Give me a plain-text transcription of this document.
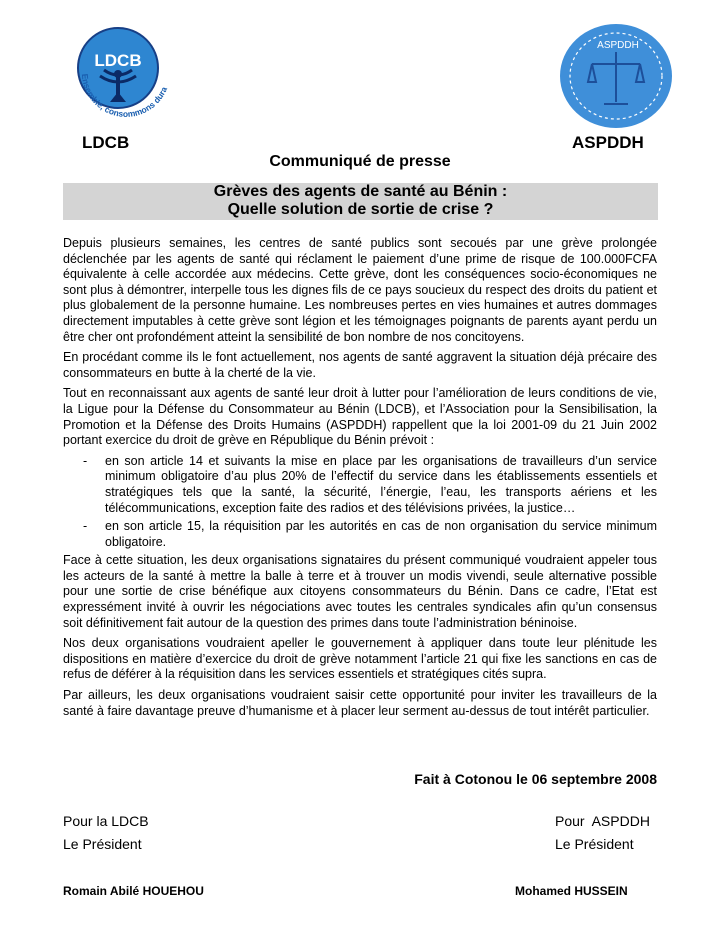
LDCB
Ensemble, consommons dura
ASPDDH
LDCB	ASPDDH
Communiqué de presse
Grèves des agents de santé au Bénin :
Quelle solution de sortie de crise ?

Depuis plusieurs semaines, les centres de santé publics sont secoués par une grève prolongée déclenchée par les agents de santé qui réclament le paiement d’une prime de risque de 100.000FCFA équivalente à celle accordée aux médecins. Cette grève, dont les conséquences socio-économiques ne sont plus à démontrer, interpelle tous les dignes fils de ce pays soucieux du respect des droits du patient et plus globalement de la personne humaine. Les nombreuses pertes en vies humaines et autres dommages directement imputables à cette grève sont légion et les témoignages poignants de parents ayant perdu un être cher ont profondément atteint la sensibilité de bon nombre de nos concitoyens.

En procédant comme ils le font actuellement, nos agents de santé aggravent la situation déjà précaire des consommateurs en butte à la cherté de la vie.

Tout en reconnaissant aux agents de santé leur droit à lutter pour l’amélioration de leurs conditions de vie, la Ligue pour la Défense du Consommateur au Bénin (LDCB), et l’Association pour la Sensibilisation, la Promotion et la Défense des Droits Humains (ASPDDH) rappellent que la loi 2001-09 du 21 Juin 2002 portant exercice du droit de grève en République du Bénin prévoit :

-	en son article 14 et suivants la mise en place par les organisations de travailleurs d’un service minimum obligatoire d’au plus 20% de l’effectif du service dans les établissements essentiels et stratégiques tels que la santé, la sécurité, l’énergie, l’eau, les transports aériens et les télécommunications, exception faite des radios et des télévisions privées, la justice…
-	en son article 15, la réquisition par les autorités en cas de non organisation du service minimum obligatoire.

Face à cette situation, les deux organisations signataires du présent communiqué voudraient appeler tous les acteurs de la santé à mettre la balle à terre et à trouver un modis vivendi, seule alternative possible pour une sortie de crise bénéfique aux citoyens consommateurs du Bénin. Dans ce cadre, l’Etat est expressément invité à ouvrir les négociations avec toutes les centrales syndicales afin qu’un consensus soit définitivement fait autour de la question des primes dans toute l’administration béninoise.

Nos deux organisations voudraient apeller le gouvernement à appliquer dans toute leur plénitude les dispositions en matière d’exercice du droit de grève notamment l’article 21 qui fixe les sanctions en cas de refus de déférer à la réquisition dans les services essentiels et stratégiques cités supra.

Par ailleurs, les deux organisations voudraient saisir cette opportunité pour inviter les travailleurs de la santé à faire davantage preuve d’humanisme et à placer leur serment au-dessus de tout intérêt particulier.

Fait à Cotonou le 06 septembre 2008
Pour la LDCB
Le Président
Pour  ASPDDH
Le Président
Romain Abilé HOUEHOU	Mohamed HUSSEIN
